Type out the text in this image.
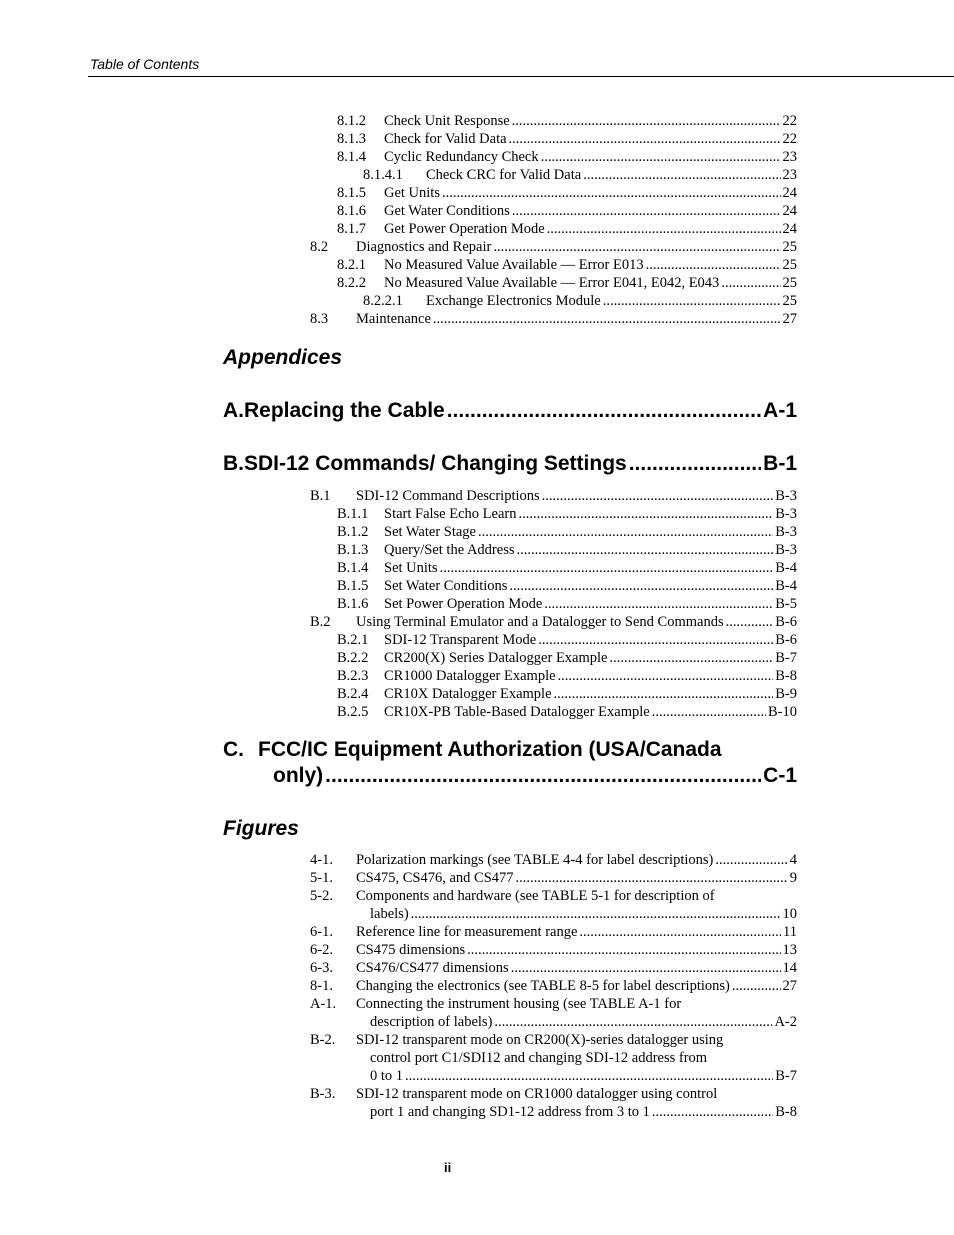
Table of Contents
8.1.2	Check Unit Response .....	22
8.1.3	Check for Valid Data .....	22
8.1.4	Cyclic Redundancy Check .....	23
8.1.4.1	Check CRC for Valid Data .....	23
8.1.5	Get Units .....	24
8.1.6	Get Water Conditions .....	24
8.1.7	Get Power Operation Mode .....	24
8.2	Diagnostics and Repair .....	25
8.2.1	No Measured Value Available — Error E013 .....	25
8.2.2	No Measured Value Available — Error E041, E042, E043 .....	25
8.2.2.1	Exchange Electronics Module .....	25
8.3	Maintenance .....	27
Appendices
A. Replacing the Cable .....	A-1
B. SDI-12 Commands/ Changing Settings .....	B-1
B.1	SDI-12 Command Descriptions .....	B-3
B.1.1	Start False Echo Learn .....	B-3
B.1.2	Set Water Stage .....	B-3
B.1.3	Query/Set the Address .....	B-3
B.1.4	Set Units .....	B-4
B.1.5	Set Water Conditions .....	B-4
B.1.6	Set Power Operation Mode .....	B-5
B.2	Using Terminal Emulator and a Datalogger to Send Commands .....	B-6
B.2.1	SDI-12 Transparent Mode .....	B-6
B.2.2	CR200(X) Series Datalogger Example .....	B-7
B.2.3	CR1000 Datalogger Example .....	B-8
B.2.4	CR10X Datalogger Example .....	B-9
B.2.5	CR10X-PB Table-Based Datalogger Example .....	B-10
C. FCC/IC Equipment Authorization (USA/Canada
only) .....	C-1
Figures
4-1.	Polarization markings (see TABLE 4-4 for label descriptions) .....	4
5-1.	CS475, CS476, and CS477 .....	9
5-2. Components and hardware (see TABLE 5-1 for description of
labels) .....	10
6-1.	Reference line for measurement range .....	11
6-2.	CS475 dimensions .....	13
6-3.	CS476/CS477 dimensions .....	14
8-1.	Changing the electronics (see TABLE 8-5 for label descriptions) .....	27
A-1. Connecting the instrument housing (see TABLE A-1 for
description of labels) .....	A-2
B-2. SDI-12 transparent mode on CR200(X)-series datalogger using
control port C1/SDI12 and changing SDI-12 address from
0 to 1 .....	B-7
B-3. SDI-12 transparent mode on CR1000 datalogger using control
port 1 and changing SD1-12 address from 3 to 1 .....	B-8
ii
